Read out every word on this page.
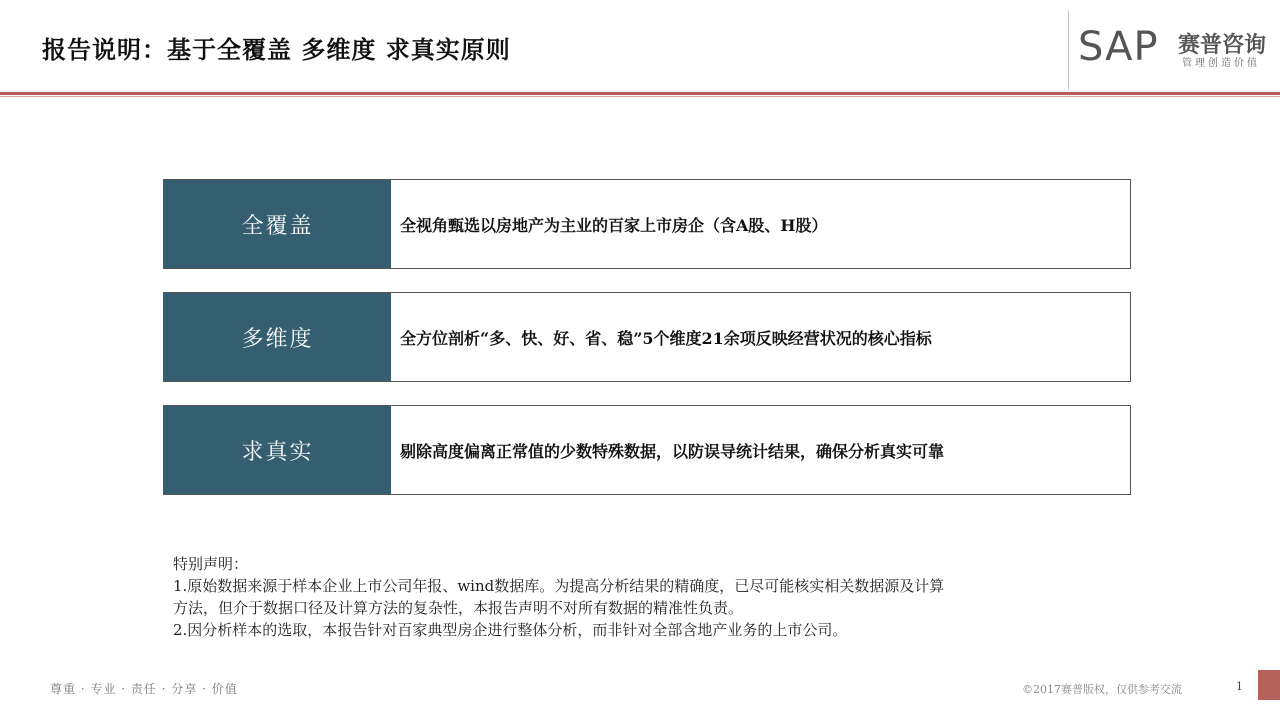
报告说明：基于全覆盖 多维度 求真实原则	SAP 赛普咨询
管理创造价值
全覆盖	全视角甄选以房地产为主业的百家上市房企（含A股、H股）
多维度	全方位剖析“多、快、好、省、稳”5个维度21余项反映经营状况的核心指标
求真实	剔除高度偏离正常值的少数特殊数据，以防误导统计结果，确保分析真实可靠
特别声明：
1.原始数据来源于样本企业上市公司年报、wind数据库。为提高分析结果的精确度，已尽可能核实相关数据源及计算
方法，但介于数据口径及计算方法的复杂性，本报告声明不对所有数据的精准性负责。
2.因分析样本的选取，本报告针对百家典型房企进行整体分析，而非针对全部含地产业务的上市公司。
尊重 · 专业 · 责任 · 分享 · 价值	©2017赛普版权，仅供参考交流	1
